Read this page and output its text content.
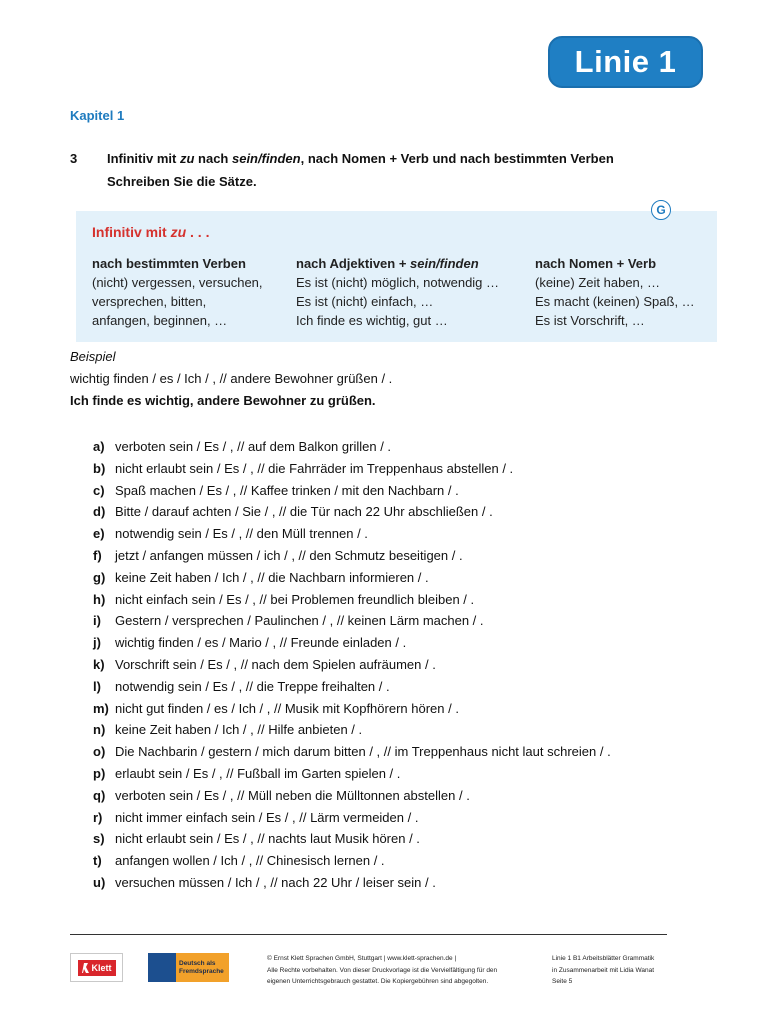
Linie 1
Kapitel 1
3 Infinitiv mit zu nach sein/finden, nach Nomen + Verb und nach bestimmten Verben
Schreiben Sie die Sätze.
G
Infinitiv mit zu . . .
nach bestimmten Verben
(nicht) vergessen, versuchen,
versprechen, bitten,
anfangen, beginnen, …
nach Adjektiven + sein/finden
Es ist (nicht) möglich, notwendig …
Es ist (nicht) einfach, …
Ich finde es wichtig, gut …
nach Nomen + Verb
(keine) Zeit haben, …
Es macht (keinen) Spaß, …
Es ist Vorschrift, …
Beispiel
wichtig finden / es / Ich / , // andere Bewohner grüßen / .
Ich finde es wichtig, andere Bewohner zu grüßen.
a) verboten sein / Es / , // auf dem Balkon grillen / .
b) nicht erlaubt sein / Es / , // die Fahrräder im Treppenhaus abstellen / .
c) Spaß machen / Es / , // Kaffee trinken / mit den Nachbarn / .
d) Bitte / darauf achten / Sie / , // die Tür nach 22 Uhr abschließen / .
e) notwendig sein / Es / , // den Müll trennen / .
f) jetzt / anfangen müssen / ich / , // den Schmutz beseitigen / .
g) keine Zeit haben / Ich / , // die Nachbarn informieren / .
h) nicht einfach sein / Es / , // bei Problemen freundlich bleiben / .
i) Gestern / versprechen / Paulinchen / , // keinen Lärm machen / .
j) wichtig finden / es / Mario / , // Freunde einladen / .
k) Vorschrift sein / Es / , // nach dem Spielen aufräumen / .
l) notwendig sein / Es / , // die Treppe freihalten / .
m) nicht gut finden / es / Ich / , // Musik mit Kopfhörern hören / .
n) keine Zeit haben / Ich / , // Hilfe anbieten / .
o) Die Nachbarin / gestern / mich darum bitten / , // im Treppenhaus nicht laut schreien / .
p) erlaubt sein / Es / , // Fußball im Garten spielen / .
q) verboten sein / Es / , // Müll neben die Mülltonnen abstellen / .
r) nicht immer einfach sein / Es / , // Lärm vermeiden / .
s) nicht erlaubt sein / Es / , // nachts laut Musik hören / .
t) anfangen wollen / Ich / , // Chinesisch lernen / .
u) versuchen müssen / Ich / , // nach 22 Uhr / leiser sein / .
Klett	Deutsch als
Fremdsprache
© Ernst Klett Sprachen GmbH, Stuttgart | www.klett-sprachen.de |
Alle Rechte vorbehalten. Von dieser Druckvorlage ist die Vervielfältigung für den
eigenen Unterrichtsgebrauch gestattet. Die Kopiergebühren sind abgegolten.
Linie 1 B1 Arbeitsblätter Grammatik
in Zusammenarbeit mit Lidia Wanat
Seite 5
